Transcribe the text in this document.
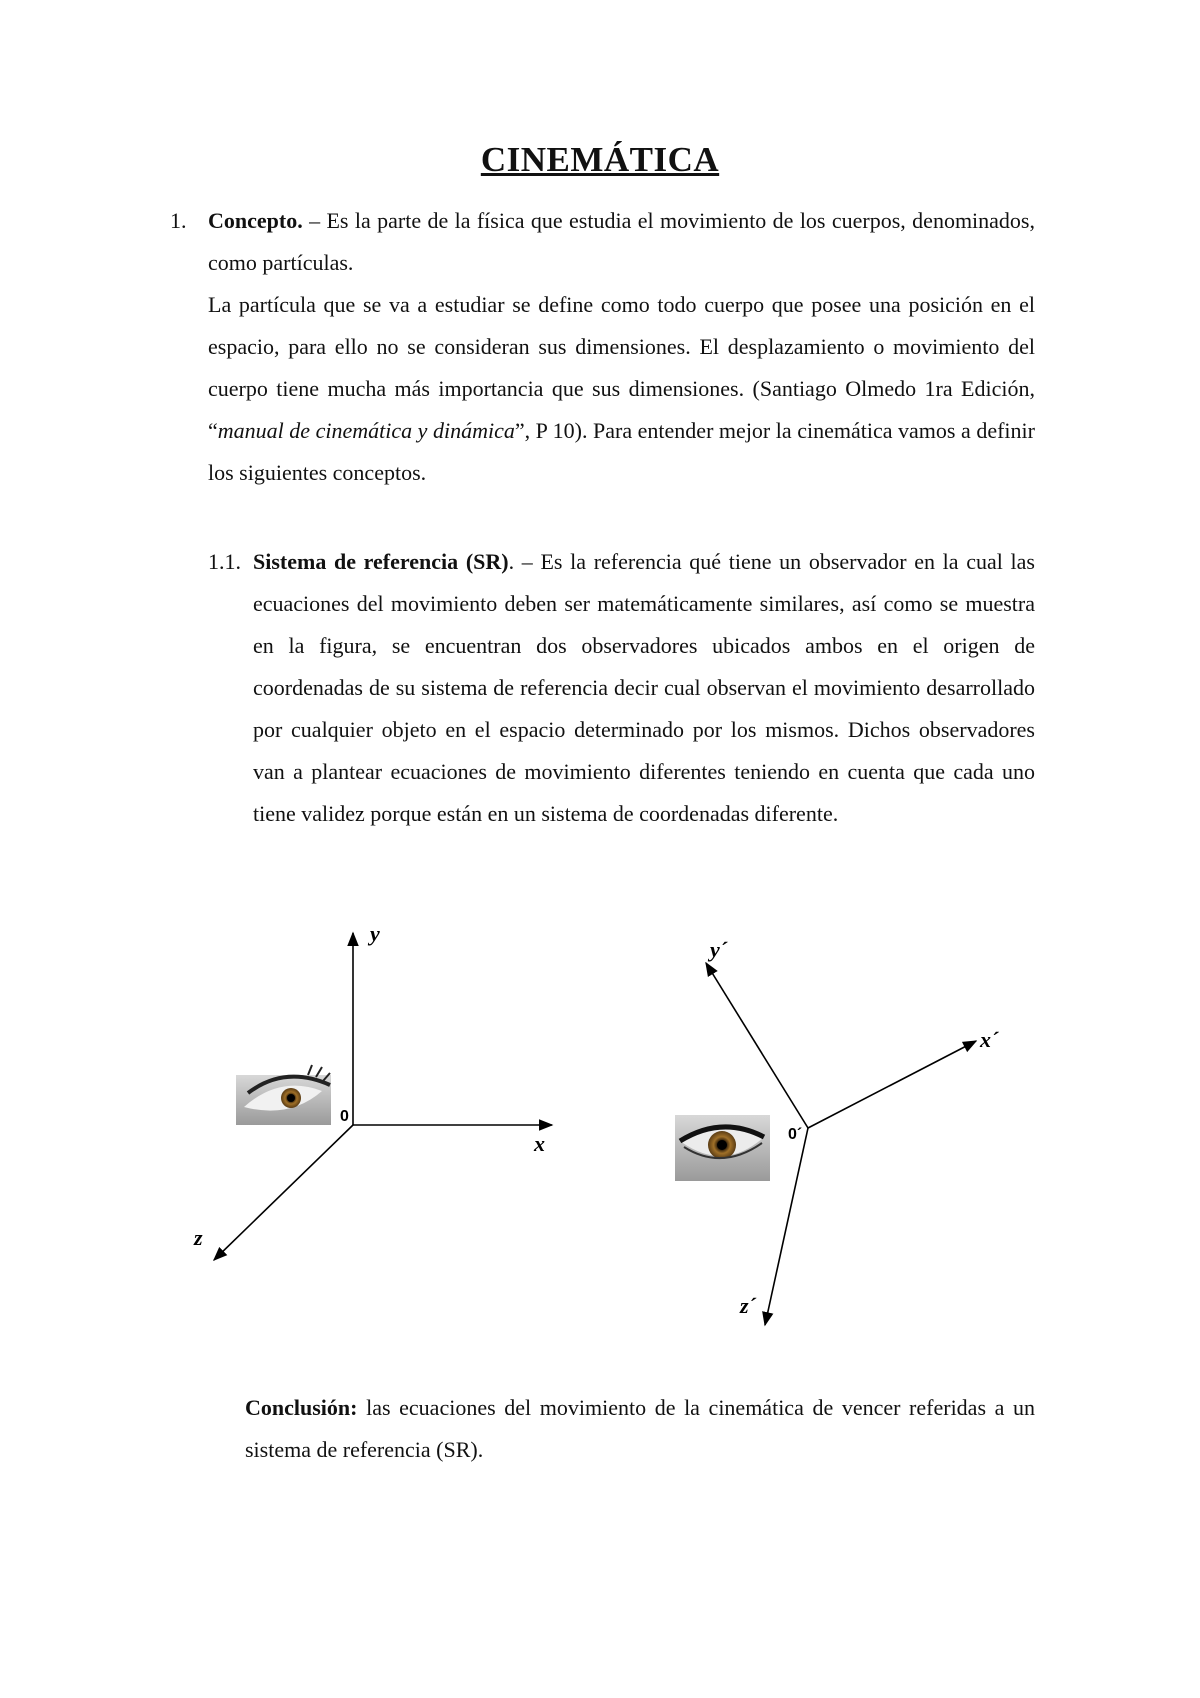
CINEMÁTICA
1. Concepto. – Es la parte de la física que estudia el movimiento de los cuerpos, denominados, como partículas.
La partícula que se va a estudiar se define como todo cuerpo que posee una posición en el espacio, para ello no se consideran sus dimensiones. El desplazamiento o movimiento del cuerpo tiene mucha más importancia que sus dimensiones. (Santiago Olmedo 1ra Edición, “manual de cinemática y dinámica”, P 10). Para entender mejor la cinemática vamos a definir los siguientes conceptos.
1.1. Sistema de referencia (SR). – Es la referencia qué tiene un observador en la cual las ecuaciones del movimiento deben ser matemáticamente similares, así como se muestra en la figura, se encuentran dos observadores ubicados ambos en el origen de coordenadas de su sistema de referencia decir cual observan el movimiento desarrollado por cualquier objeto en el espacio determinado por los mismos. Dichos observadores van a plantear ecuaciones de movimiento diferentes teniendo en cuenta que cada uno tiene validez porque están en un sistema de coordenadas diferente.
y
x
z
0
y´
x´
z´
0´
Conclusión: las ecuaciones del movimiento de la cinemática de vencer referidas a un sistema de referencia (SR).
